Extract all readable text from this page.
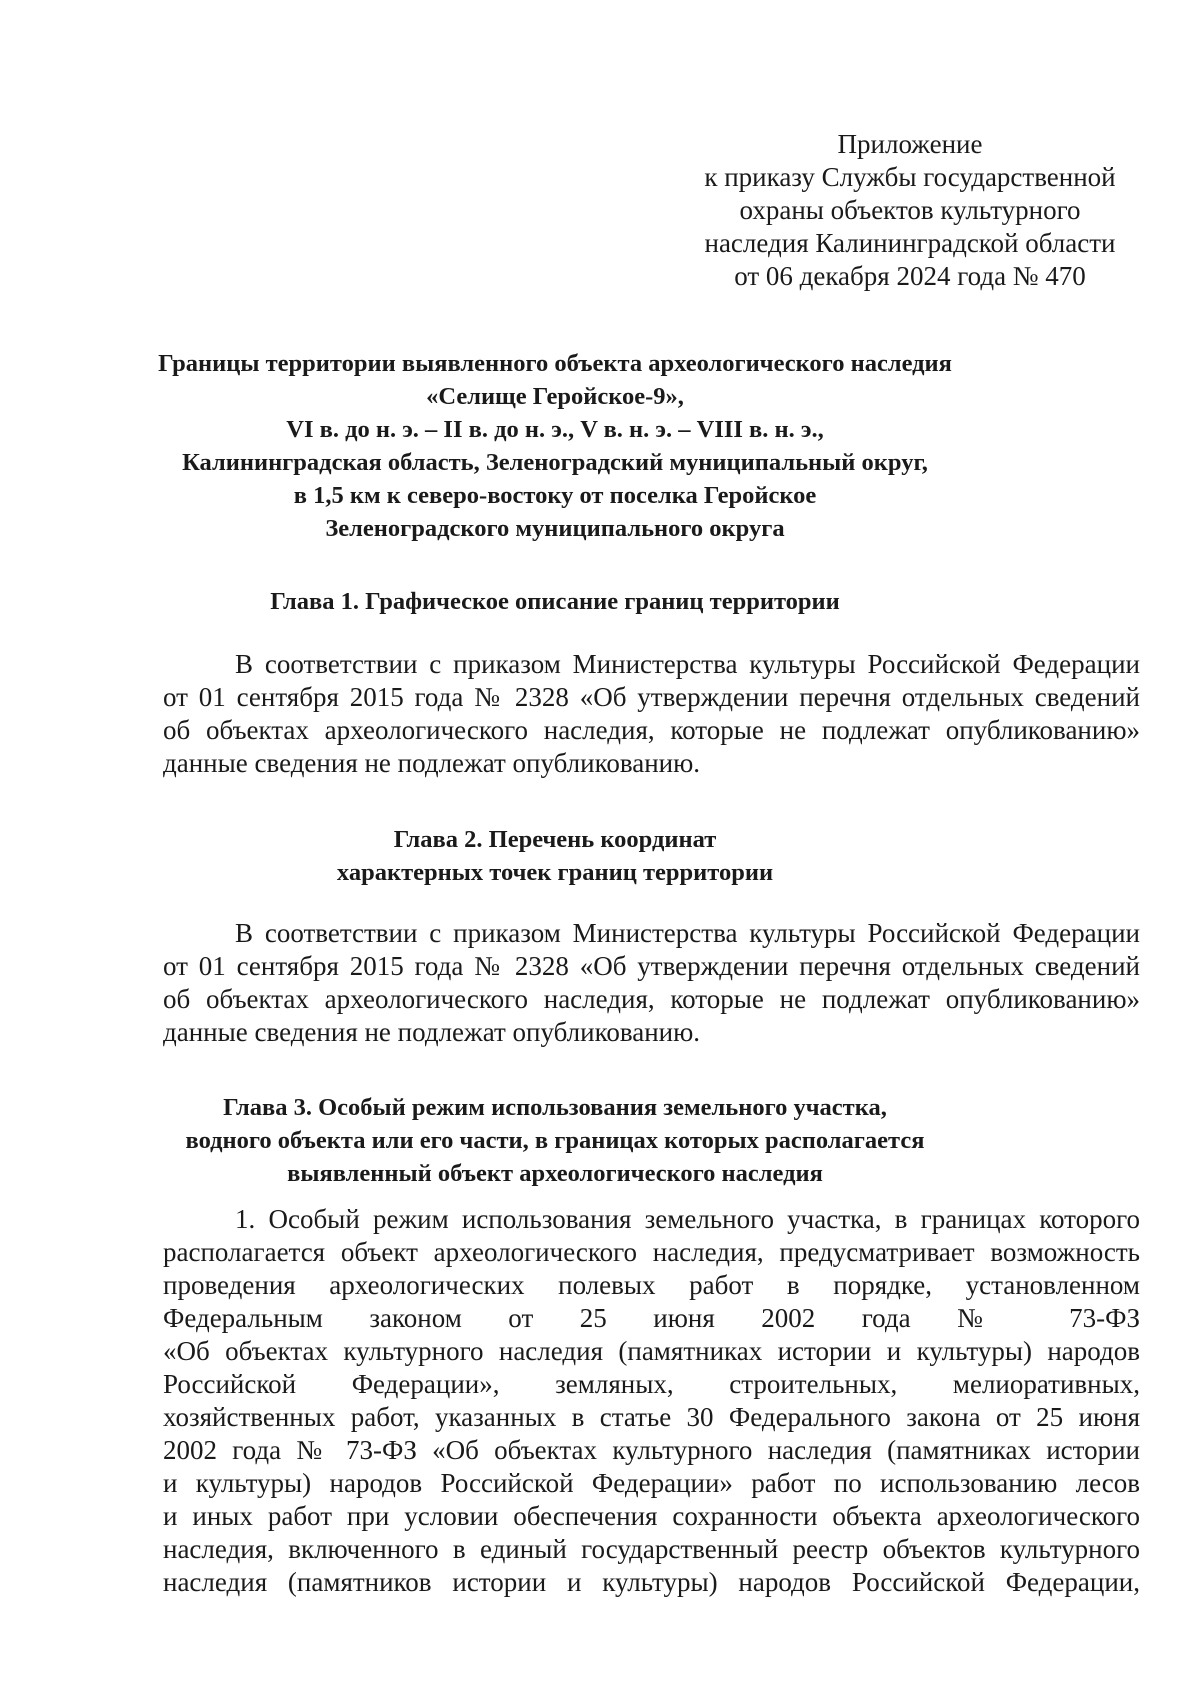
Приложение
к приказу Службы государственной
охраны объектов культурного
наследия Калининградской области
от 06 декабря 2024 года № 470
Границы территории выявленного объекта археологического наследия
«Селище Геройское-9»,
VI в. до н. э. – II в. до н. э., V в. н. э. – VIII в. н. э.,
Калининградская область, Зеленоградский муниципальный округ,
в 1,5 км к северо-востоку от поселка Геройское
Зеленоградского муниципального округа
Глава 1. Графическое описание границ территории
В соответствии с приказом Министерства культуры Российской Федерации
от 01 сентября 2015 года № 2328 «Об утверждении перечня отдельных сведений
об объектах археологического наследия, которые не подлежат опубликованию»
данные сведения не подлежат опубликованию.
Глава 2. Перечень координат
характерных точек границ территории
В соответствии с приказом Министерства культуры Российской Федерации
от 01 сентября 2015 года № 2328 «Об утверждении перечня отдельных сведений
об объектах археологического наследия, которые не подлежат опубликованию»
данные сведения не подлежат опубликованию.
Глава 3. Особый режим использования земельного участка,
водного объекта или его части, в границах которых располагается
выявленный объект археологического наследия
1. Особый режим использования земельного участка, в границах которого
располагается объект археологического наследия, предусматривает возможность
проведения археологических полевых работ в порядке, установленном
Федеральным законом от 25 июня 2002 года № 73-ФЗ
«Об объектах культурного наследия (памятниках истории и культуры) народов
Российской Федерации», земляных, строительных, мелиоративных,
хозяйственных работ, указанных в статье 30 Федерального закона от 25 июня
2002 года № 73-ФЗ «Об объектах культурного наследия (памятниках истории
и культуры) народов Российской Федерации» работ по использованию лесов
и иных работ при условии обеспечения сохранности объекта археологического
наследия, включенного в единый государственный реестр объектов культурного
наследия (памятников истории и культуры) народов Российской Федерации,
